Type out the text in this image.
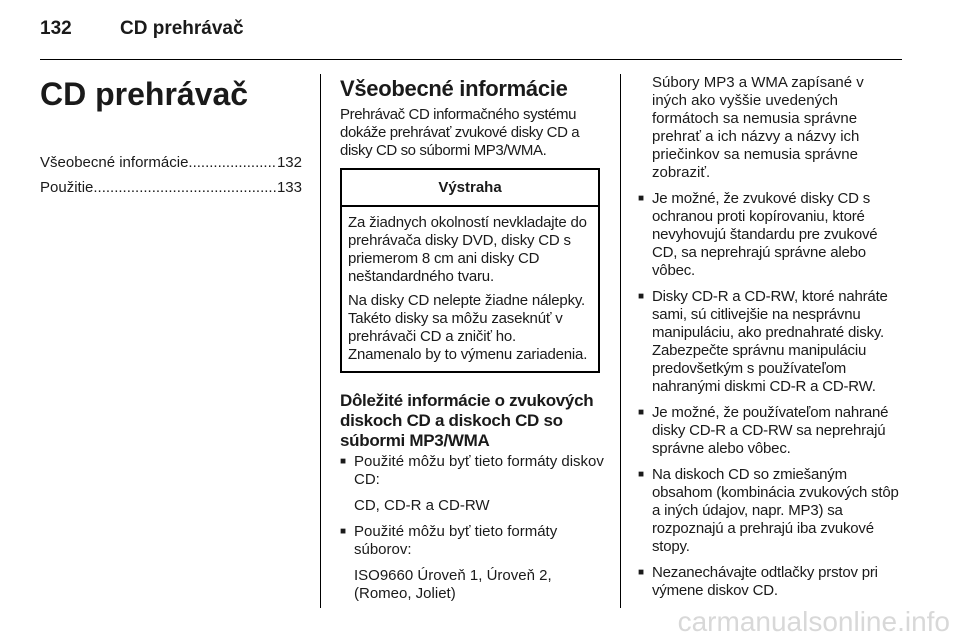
132	CD prehrávač
CD prehrávač
Všeobecné informácie .....	132
Použitie .....	133
Všeobecné informácie

Prehrávač CD informačného systému dokáže prehrávať zvukové disky CD a disky CD so súbormi MP3/WMA.

Výstraha

Za žiadnych okolností nevkladajte do prehrávača disky DVD, disky CD s priemerom 8 cm ani disky CD neštandardného tvaru.

Na disky CD nelepte žiadne nálepky. Takéto disky sa môžu zaseknúť v prehrávači CD a zničiť ho. Znamenalo by to výmenu zariadenia.

Dôležité informácie o zvukových diskoch CD a diskoch CD so súbormi MP3/WMA

■ Použité môžu byť tieto formáty diskov CD:

CD, CD-R a CD-RW

■ Použité môžu byť tieto formáty súborov:

ISO9660 Úroveň 1, Úroveň 2, (Romeo, Joliet)

Súbory MP3 a WMA zapísané v iných ako vyššie uvedených formátoch sa nemusia správne prehrať a ich názvy a názvy ich priečinkov sa nemusia správne zobraziť.

■ Je možné, že zvukové disky CD s ochranou proti kopírovaniu, ktoré nevyhovujú štandardu pre zvukové CD, sa neprehrajú správne alebo vôbec.
■ Disky CD-R a CD-RW, ktoré nahráte sami, sú citlivejšie na nesprávnu manipuláciu, ako prednahraté disky. Zabezpečte správnu manipuláciu predovšetkým s používateľom nahranými diskmi CD-R a CD-RW.
■ Je možné, že používateľom nahrané disky CD-R a CD-RW sa neprehrajú správne alebo vôbec.
■ Na diskoch CD so zmiešaným obsahom (kombinácia zvukových stôp a iných údajov, napr. MP3) sa rozpoznajú a prehrajú iba zvukové stopy.
■ Nezanechávajte odtlačky prstov pri výmene diskov CD.
carmanualsonline.info
